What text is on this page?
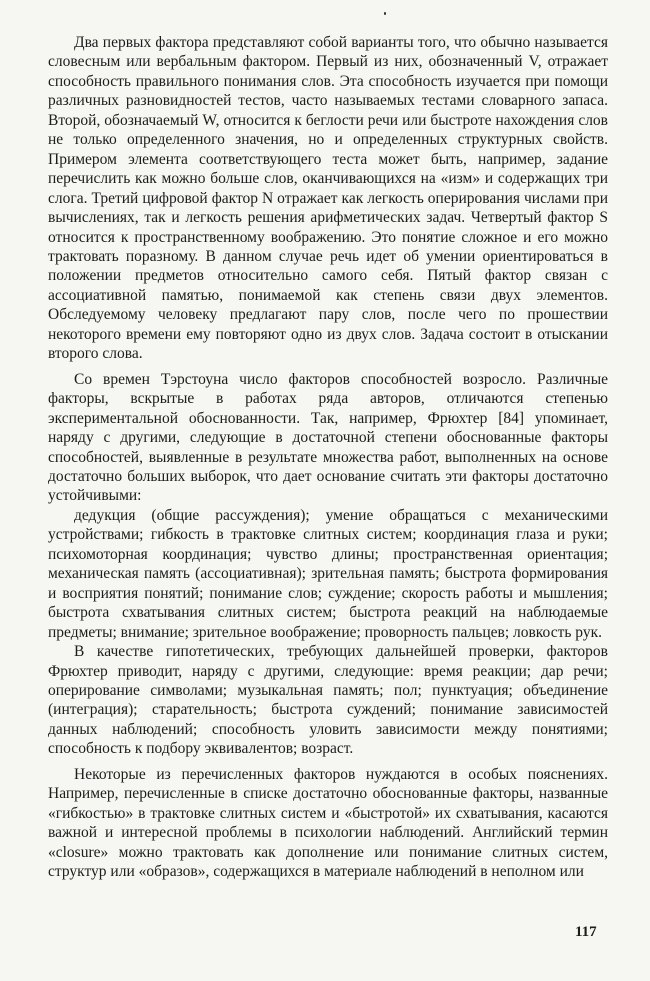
Два первых фактора представляют собой варианты того, что обычно называется словесным или вербальным фактором. Первый из них, обозначенный V, отражает способность правильного понимания слов. Эта способность изучается при помощи различных разновидностей тестов, часто называемых тестами словарного запаса. Второй, обозначаемый W, относится к беглости речи или быстроте нахождения слов не только определенного значения, но и определенных структурных свойств. Примером элемента соответствующего теста может быть, например, задание перечислить как можно больше слов, оканчивающихся на «изм» и содержащих три слога. Третий цифровой фактор N отражает как легкость оперирования числами при вычислениях, так и легкость решения арифметических задач. Четвертый фактор S относится к пространственному воображению. Это понятие сложное и его можно трактовать поразному. В данном случае речь идет об умении ориентироваться в положении предметов относительно самого себя. Пятый фактор связан с ассоциативной памятью, понимаемой как степень связи двух элементов. Обследуемому человеку предлагают пару слов, после чего по прошествии некоторого времени ему повторяют одно из двух слов. Задача состоит в отыскании второго слова.

Со времен Тэрстоуна число факторов способностей возросло. Различные факторы, вскрытые в работах ряда авторов, отличаются степенью экспериментальной обоснованности. Так, например, Фрюхтер [84] упоминает, наряду с другими, следующие в достаточной степени обоснованные факторы способностей, выявленные в результате множества работ, выполненных на основе достаточно больших выборок, что дает основание считать эти факторы достаточно устойчивыми:

дедукция (общие рассуждения); умение обращаться с механическими устройствами; гибкость в трактовке слитных систем; координация глаза и руки; психомоторная координация; чувство длины; пространственная ориентация; механическая память (ассоциативная); зрительная память; быстрота формирования и восприятия понятий; понимание слов; суждение; скорость работы и мышления; быстрота схватывания слитных систем; быстрота реакций на наблюдаемые предметы; внимание; зрительное воображение; проворность пальцев; ловкость рук.

В качестве гипотетических, требующих дальнейшей проверки, факторов Фрюхтер приводит, наряду с другими, следующие: время реакции; дар речи; оперирование символами; музыкальная память; пол; пунктуация; объединение (интеграция); старательность; быстрота суждений; понимание зависимостей данных наблюдений; способность уловить зависимости между понятиями; способность к подбору эквивалентов; возраст.

Некоторые из перечисленных факторов нуждаются в особых пояснениях. Например, перечисленные в списке достаточно обоснованные факторы, названные «гибкостью» в трактовке слитных систем и «быстротой» их схватывания, касаются важной и интересной проблемы в психологии наблюдений. Английский термин «closure» можно трактовать как дополнение или понимание слитных систем, структур или «образов», содержащихся в материале наблюдений в неполном или

117
